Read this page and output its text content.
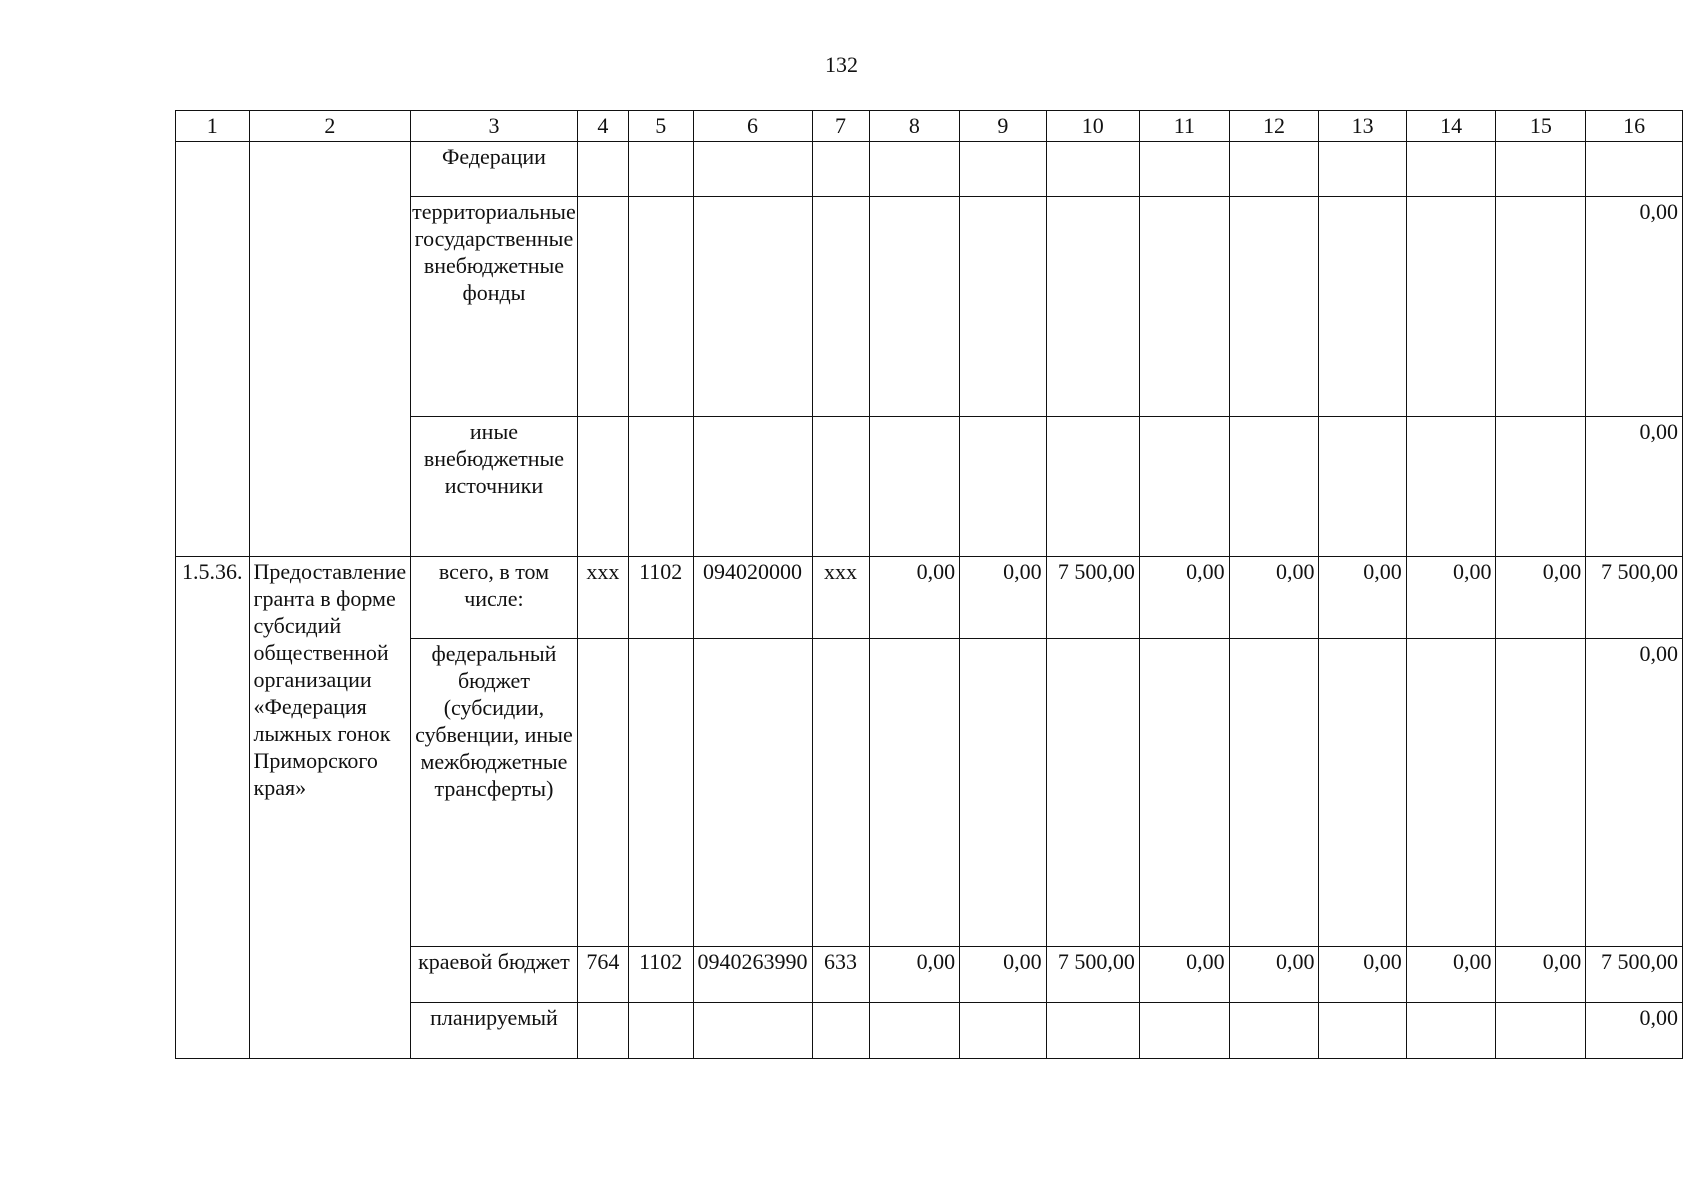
132
1	2	3	4	5	6	7	8	9	10	11	12	13	14	15	16
		Федерации													
		территориальные государственные внебюджетные фонды													0,00
		иные внебюджетные источники													0,00
1.5.36.	Предоставление гранта в форме субсидий общественной организации «Федерация лыжных гонок Приморского края»	всего, в том числе:	ххх	1102	094020000	ххх	0,00	0,00	7 500,00	0,00	0,00	0,00	0,00	0,00	7 500,00
		федеральный бюджет (субсидии, субвенции, иные межбюджетные трансферты)													0,00
		краевой бюджет	764	1102	0940263990	633	0,00	0,00	7 500,00	0,00	0,00	0,00	0,00	0,00	7 500,00
		планируемый													0,00
